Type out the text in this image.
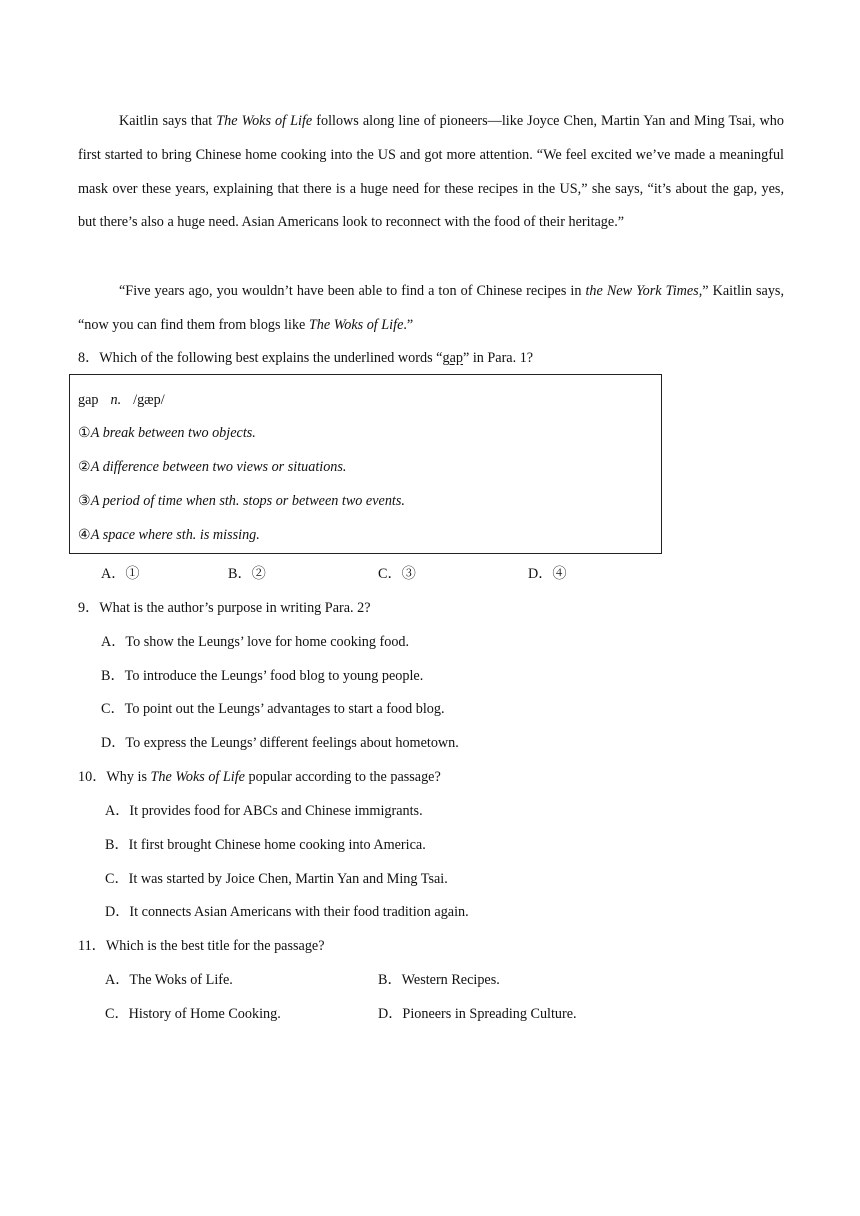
Kaitlin says that The Woks of Life follows along line of pioneers—like Joyce Chen, Martin Yan and Ming Tsai, who first started to bring Chinese home cooking into the US and got more attention. “We feel excited we’ve made a meaningful mask over these years, explaining that there is a huge need for these recipes in the US,” she says, “it’s about the gap, yes, but there’s also a huge need. Asian Americans look to reconnect with the food of their heritage.”

“Five years ago, you wouldn’t have been able to find a ton of Chinese recipes in the New York Times,” Kaitlin says, “now you can find them from blogs like The Woks of Life.”

8．Which of the following best explains the underlined words “gap” in Para. 1?
gap n. /gæp/
①A break between two objects.
②A difference between two views or situations.
③A period of time when sth. stops or between two events.
④A space where sth. is missing.
A．①	B．②	C．③	D．④
9．What is the author’s purpose in writing Para. 2?
A．To show the Leungs’ love for home cooking food.
B．To introduce the Leungs’ food blog to young people.
C．To point out the Leungs’ advantages to start a food blog.
D．To express the Leungs’ different feelings about hometown.
10．Why is The Woks of Life popular according to the passage?
A．It provides food for ABCs and Chinese immigrants.
B．It first brought Chinese home cooking into America.
C．It was started by Joice Chen, Martin Yan and Ming Tsai.
D．It connects Asian Americans with their food tradition again.
11．Which is the best title for the passage?
A．The Woks of Life.	B．Western Recipes.
C．History of Home Cooking.	D．Pioneers in Spreading Culture.
